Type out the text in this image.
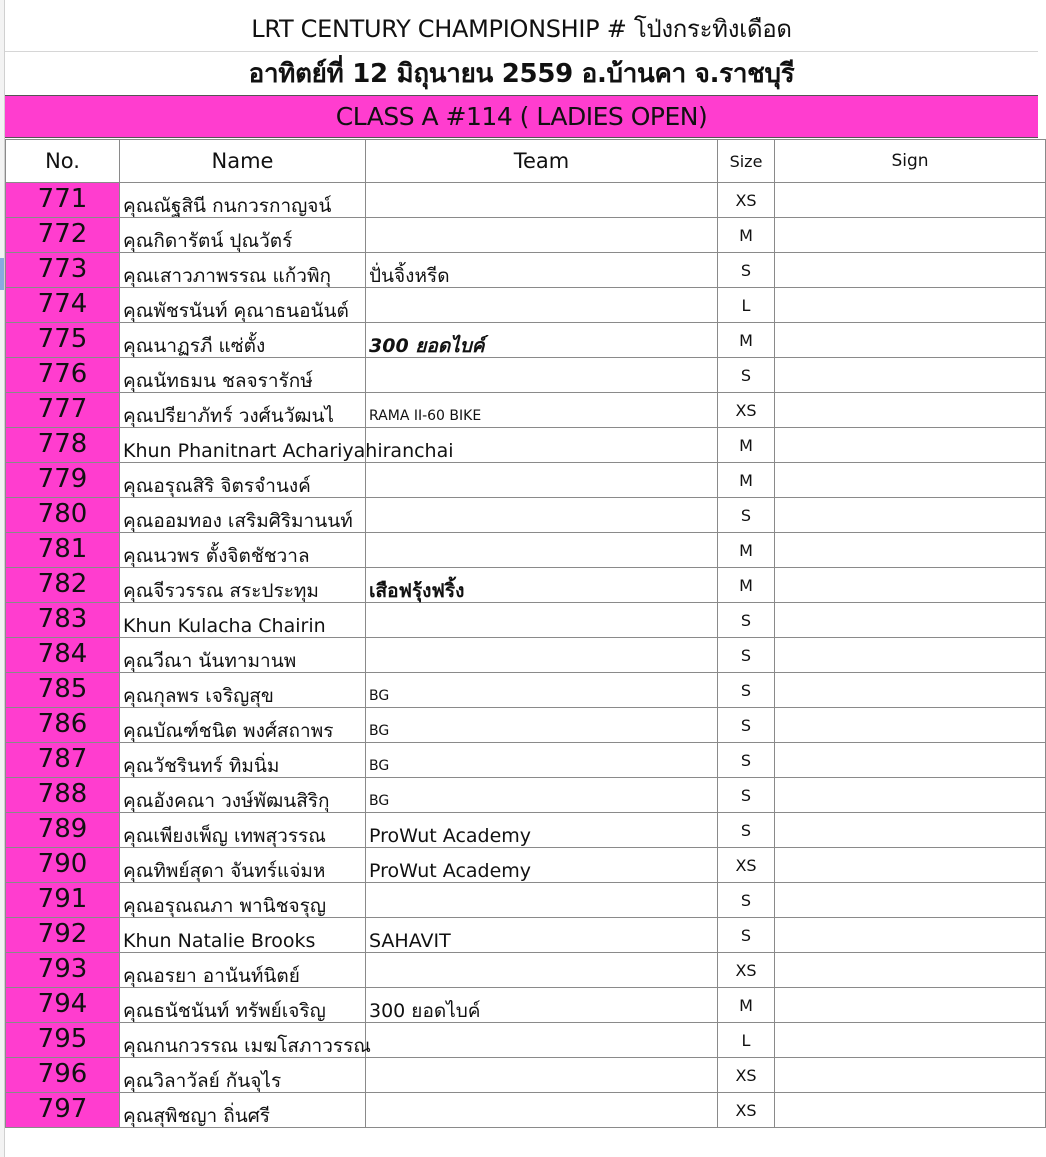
LRT CENTURY CHAMPIONSHIP # โป่งกระทิงเดือด
อาทิตย์ที่ 12 มิถุนายน 2559 อ.บ้านคา จ.ราชบุรี
CLASS A #114 ( LADIES OPEN)
No.	Name	Team	Size	Sign
771	คุณณัฐสินี กนกวรกาญจน์		XS	
772	คุณกิดารัตน์ ปุณวัตร์		M	
773	คุณเสาวภาพรรณ แก้วพิกุ	ปั่นจิ้งหรีด	S	
774	คุณพัชรนันท์ คุณาธนอนันต์		L	
775	คุณนาฏรภี แซ่ตั้ง	300 ยอดไบค์	M	
776	คุณนัทธมน ชลจรารักษ์		S	
777	คุณปรียาภัทร์ วงศ์นวัฒนไ	RAMA II-60 BIKE	XS	
778	Khun Phanitnart Achariyahiranchai		M	
779	คุณอรุณสิริ จิตรจำนงค์		M	
780	คุณออมทอง เสริมศิริมานนท์		S	
781	คุณนวพร ตั้งจิตชัชวาล		M	
782	คุณจีรวรรณ สระประทุม	เสือฟรุ้งฟริ้ง	M	
783	Khun Kulacha Chairin		S	
784	คุณวีณา นันทามานพ		S	
785	คุณกุลพร เจริญสุข	BG	S	
786	คุณบัณฑ์ชนิต พงศ์สถาพร	BG	S	
787	คุณวัชรินทร์ ทิมนิ่ม	BG	S	
788	คุณอังคณา วงษ์พัฒนสิริกุ	BG	S	
789	คุณเพียงเพ็ญ เทพสุวรรณ	ProWut Academy	S	
790	คุณทิพย์สุดา จันทร์แจ่มห	ProWut Academy	XS	
791	คุณอรุณณภา พานิชจรุญ		S	
792	Khun Natalie Brooks	SAHAVIT	S	
793	คุณอรยา อานันท์นิตย์		XS	
794	คุณธนัชนันท์ ทรัพย์เจริญ	300 ยอดไบค์	M	
795	คุณกนกวรรณ เมฆโสภาวรรณ		L	
796	คุณวิลาวัลย์ กันจุไร		XS	
797	คุณสุพิชญา ถิ่นศรี		XS	
